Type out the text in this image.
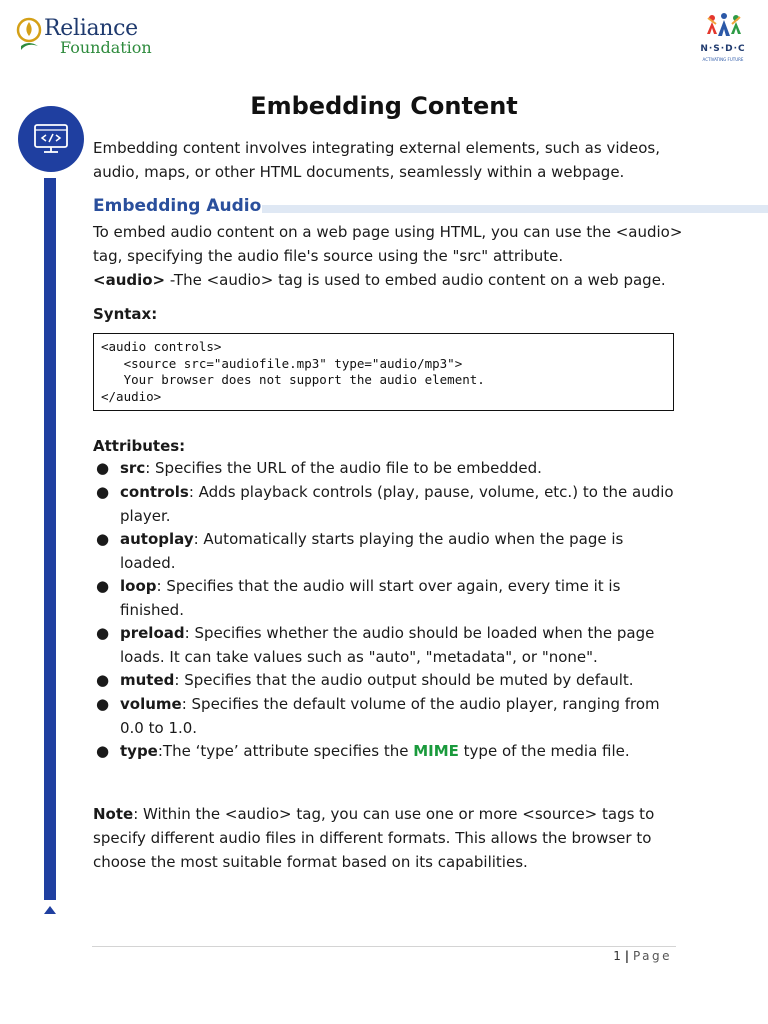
Reliance
Foundation	N·S·D·C
ACTIVATING FUTURE
Embedding Content
Embedding content involves integrating external elements, such as videos, audio, maps, or other HTML documents, seamlessly within a webpage.
Embedding Audio
To embed audio content on a web page using HTML, you can use the <audio> tag, specifying the audio file's source using the "src" attribute.
<audio> -The <audio> tag is used to embed audio content on a web page.
Syntax:
<audio controls>
<source src="audiofile.mp3" type="audio/mp3">
Your browser does not support the audio element.
</audio>
Attributes:
● src: Specifies the URL of the audio file to be embedded.
● controls: Adds playback controls (play, pause, volume, etc.) to the audio player.
● autoplay: Automatically starts playing the audio when the page is loaded.
● loop: Specifies that the audio will start over again, every time it is finished.
● preload: Specifies whether the audio should be loaded when the page loads. It can take values such as "auto", "metadata", or "none".
● muted: Specifies that the audio output should be muted by default.
● volume: Specifies the default volume of the audio player, ranging from 0.0 to 1.0.
● type:The ‘type’ attribute specifies the MIME type of the media file.
Note: Within the <audio> tag, you can use one or more <source> tags to specify different audio files in different formats. This allows the browser to choose the most suitable format based on its capabilities.
1 | Page
